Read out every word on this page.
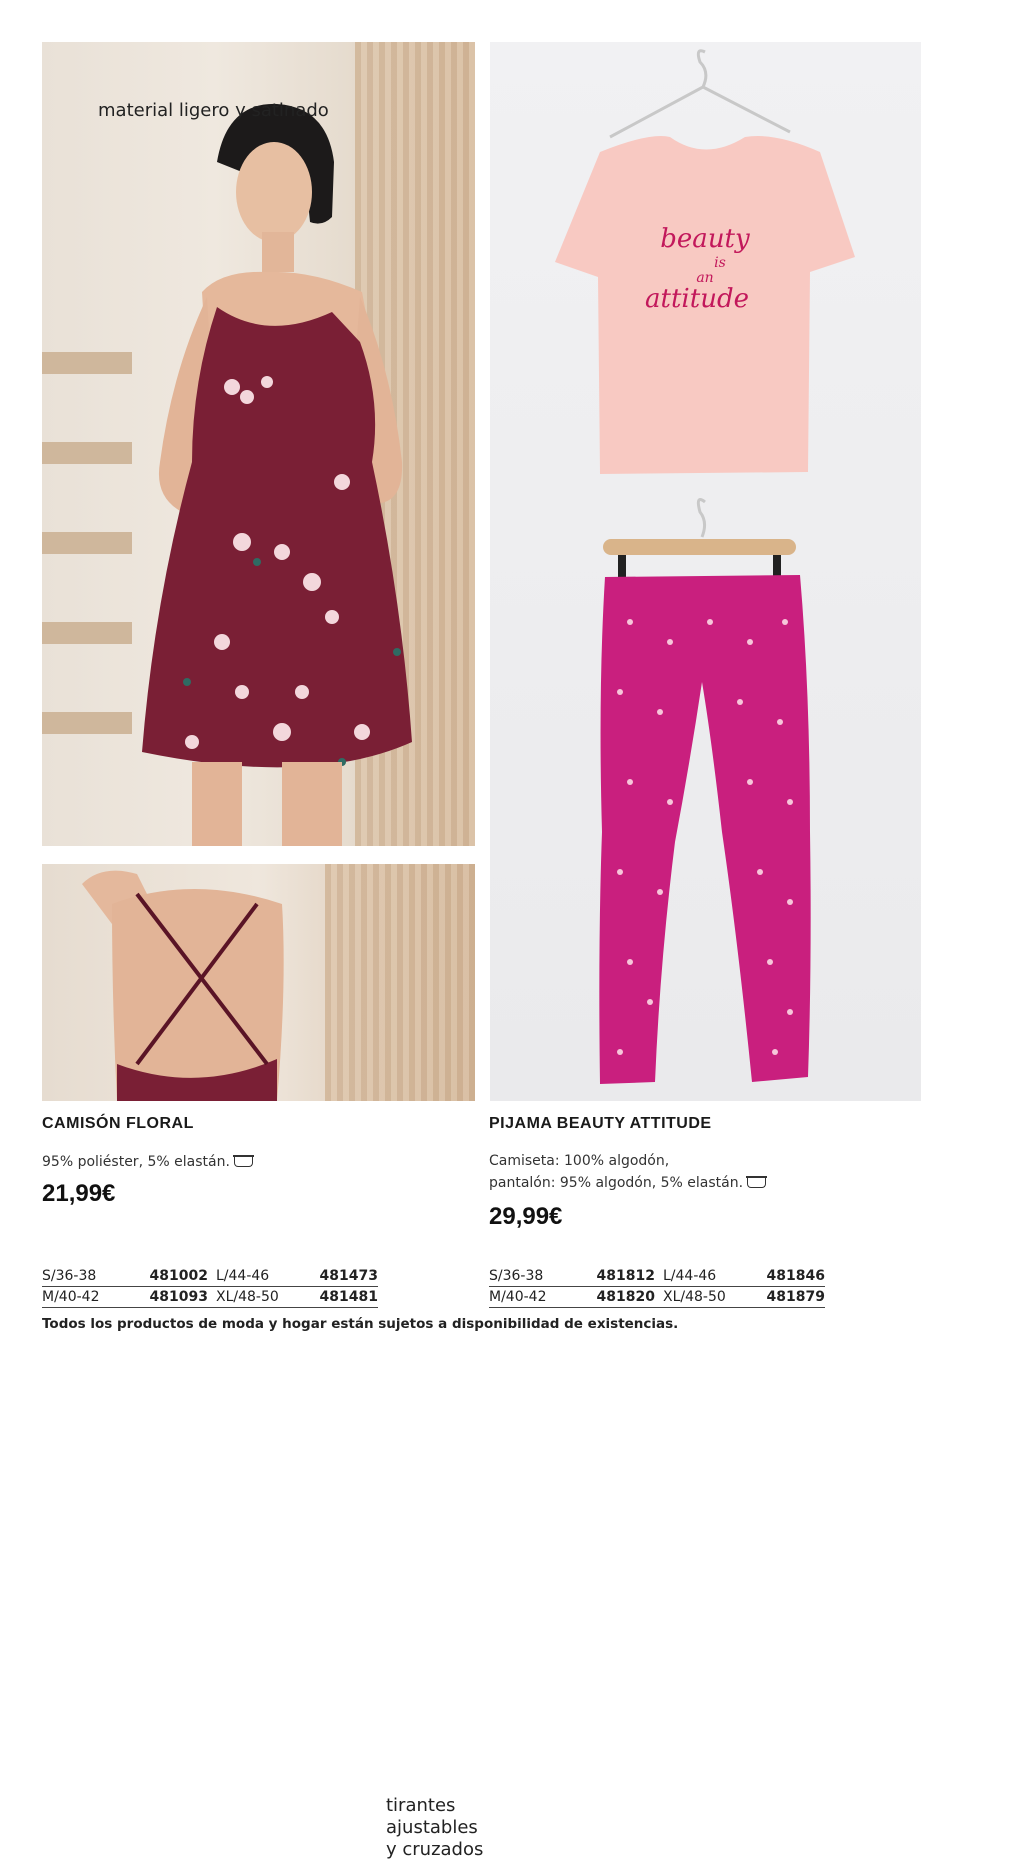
material ligero y satinado
tirantes
ajustables
y cruzados
beauty
is
an
attitude
CAMISÓN FLORAL
95% poliéster, 5% elastán.
21,99€
PIJAMA BEAUTY ATTITUDE
Camiseta: 100% algodón,
pantalón: 95% algodón, 5% elastán.
29,99€
S/36-38	481002 L/44-46	481473
M/40-42	481093 XL/48-50	481481
S/36-38	481812 L/44-46	481846
M/40-42	481820 XL/48-50	481879
Todos los productos de moda y hogar están sujetos a disponibilidad de existencias.
